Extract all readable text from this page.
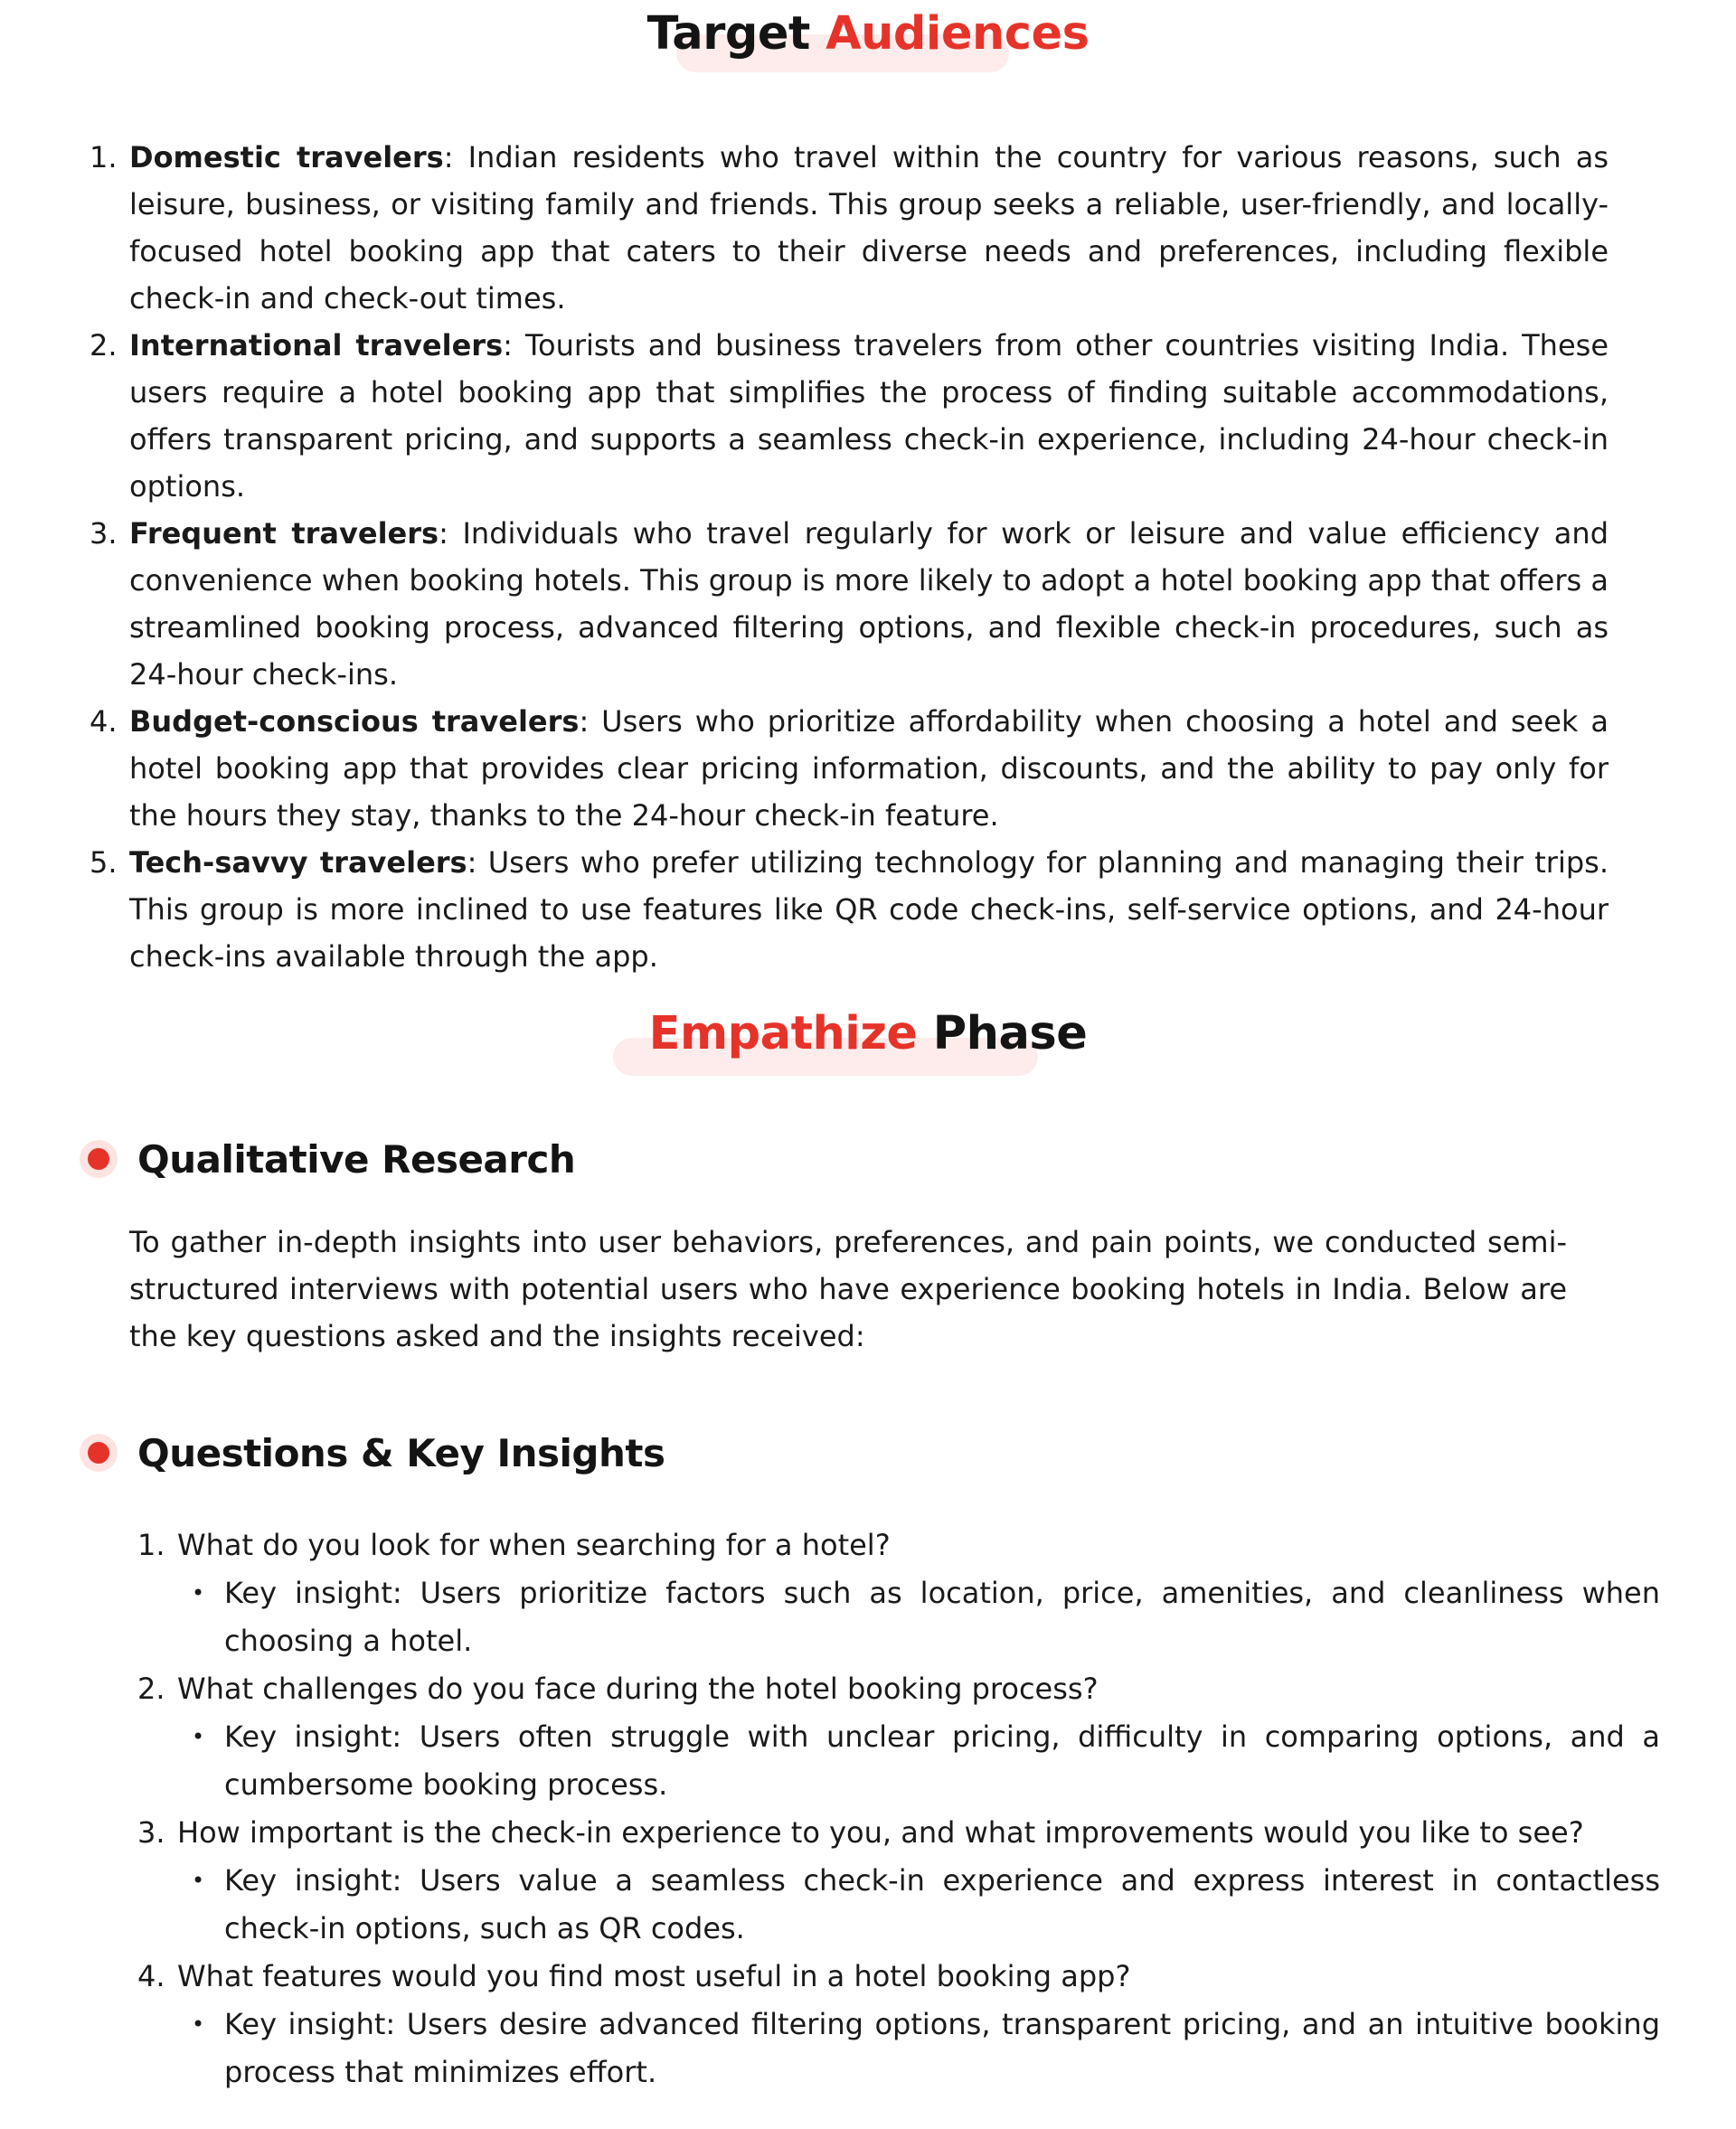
Target Audiences
1. Domestic travelers: Indian residents who travel within the country for various reasons, such as leisure, business, or visiting family and friends. This group seeks a reliable, user-friendly, and locally-focused hotel booking app that caters to their diverse needs and preferences, including flexible check-in and check-out times.
2. International travelers: Tourists and business travelers from other countries visiting India. These users require a hotel booking app that simplifies the process of finding suitable accommodations, offers transparent pricing, and supports a seamless check-in experience, including 24-hour check-in options.
3. Frequent travelers: Individuals who travel regularly for work or leisure and value efficiency and convenience when booking hotels. This group is more likely to adopt a hotel booking app that offers a streamlined booking process, advanced filtering options, and flexible check-in procedures, such as 24-hour check-ins.
4. Budget-conscious travelers: Users who prioritize affordability when choosing a hotel and seek a hotel booking app that provides clear pricing information, discounts, and the ability to pay only for the hours they stay, thanks to the 24-hour check-in feature.
5. Tech-savvy travelers: Users who prefer utilizing technology for planning and managing their trips. This group is more inclined to use features like QR code check-ins, self-service options, and 24-hour check-ins available through the app.
Empathize Phase
Qualitative Research

To gather in-depth insights into user behaviors, preferences, and pain points, we conducted semi-structured interviews with potential users who have experience booking hotels in India. Below are the key questions asked and the insights received:

Questions & Key Insights
1. What do you look for when searching for a hotel?
• Key insight: Users prioritize factors such as location, price, amenities, and cleanliness when choosing a hotel.
2. What challenges do you face during the hotel booking process?
• Key insight: Users often struggle with unclear pricing, difficulty in comparing options, and a cumbersome booking process.
3. How important is the check-in experience to you, and what improvements would you like to see?
• Key insight: Users value a seamless check-in experience and express interest in contactless check-in options, such as QR codes.
4. What features would you find most useful in a hotel booking app?
• Key insight: Users desire advanced filtering options, transparent pricing, and an intuitive booking process that minimizes effort.
